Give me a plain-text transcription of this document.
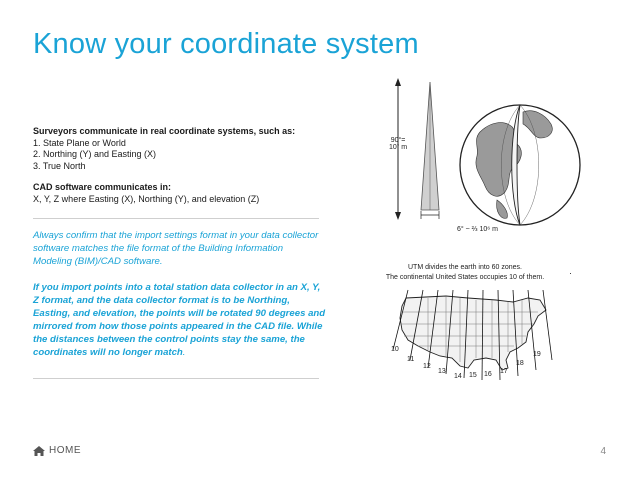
Know your coordinate system
Surveyors communicate in real coordinate systems, such as:
1. State Plane or World
2. Northing (Y) and Easting (X)
3. True North
CAD software communicates in:
X, Y, Z where Easting (X), Northing (Y), and elevation (Z)
Always confirm that the import settings format in your data collector software matches the file format of the Building Information Modeling (BIM)/CAD software.
If you import points into a total station data collector in an X, Y, Z format, and the data collector format is to be Northing, Easting, and elevation, the points will be rotated 90 degrees and mirrored from how those points appeared in the CAD file. While the distances between the control points stay the same, the coordinates will no longer match.
90°=
10⁷ m
6° ~ ⅔ 10⁶ m
UTM divides the earth into 60 zones.
The continental United States occupies 10 of them.	·
10
11
12
13
14 15 16 17
18
19
HOME	4
